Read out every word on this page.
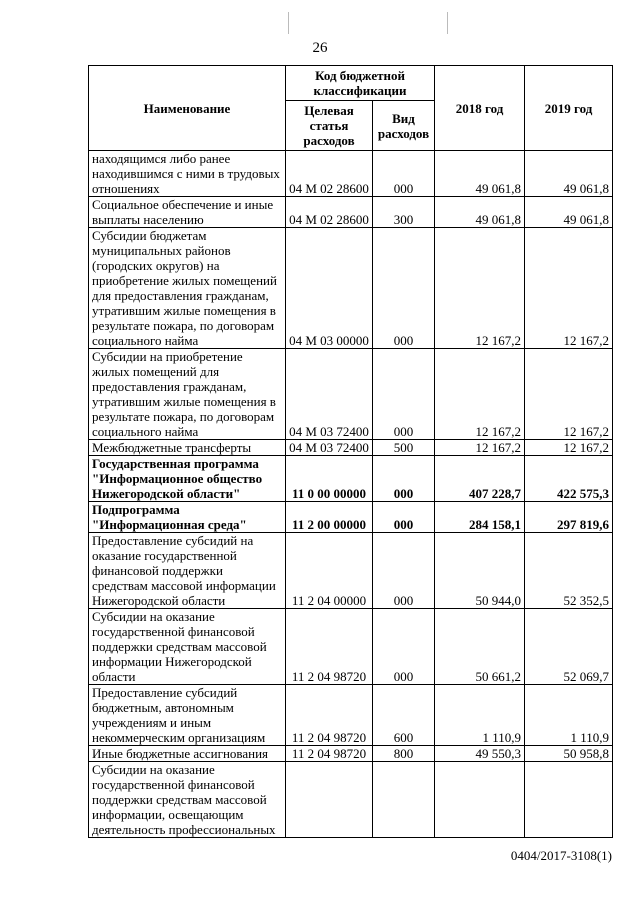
26
Наименование	Код бюджетной классификации		2018 год	2019 год
	Целевая статья расходов	Вид расходов		
находящимся либо ранее находившимся с ними в трудовых отношениях	04 М 02 28600	000	49 061,8	49 061,8
Социальное обеспечение и иные выплаты населению	04 М 02 28600	300	49 061,8	49 061,8
Субсидии бюджетам муниципальных районов (городских округов) на приобретение жилых помещений для предоставления гражданам, утратившим жилые помещения в результате пожара, по договорам социального найма	04 М 03 00000	000	12 167,2	12 167,2
Субсидии на приобретение жилых помещений для предоставления гражданам, утратившим жилые помещения в результате пожара, по договорам социального найма	04 М 03 72400	000	12 167,2	12 167,2
Межбюджетные трансферты	04 М 03 72400	500	12 167,2	12 167,2
Государственная программа "Информационное общество Нижегородской области"	11 0 00 00000	000	407 228,7	422 575,3
Подпрограмма "Информационная среда"	11 2 00 00000	000	284 158,1	297 819,6
Предоставление субсидий на оказание государственной финансовой поддержки средствам массовой информации Нижегородской области	11 2 04 00000	000	50 944,0	52 352,5
Субсидии на оказание государственной финансовой поддержки средствам массовой информации Нижегородской области	11 2 04 98720	000	50 661,2	52 069,7
Предоставление субсидий бюджетным, автономным учреждениям и иным некоммерческим организациям	11 2 04 98720	600	1 110,9	1 110,9
Иные бюджетные ассигнования	11 2 04 98720	800	49 550,3	50 958,8
Субсидии на оказание государственной финансовой поддержки средствам массовой информации, освещающим деятельность профессиональных				
0404/2017-3108(1)
